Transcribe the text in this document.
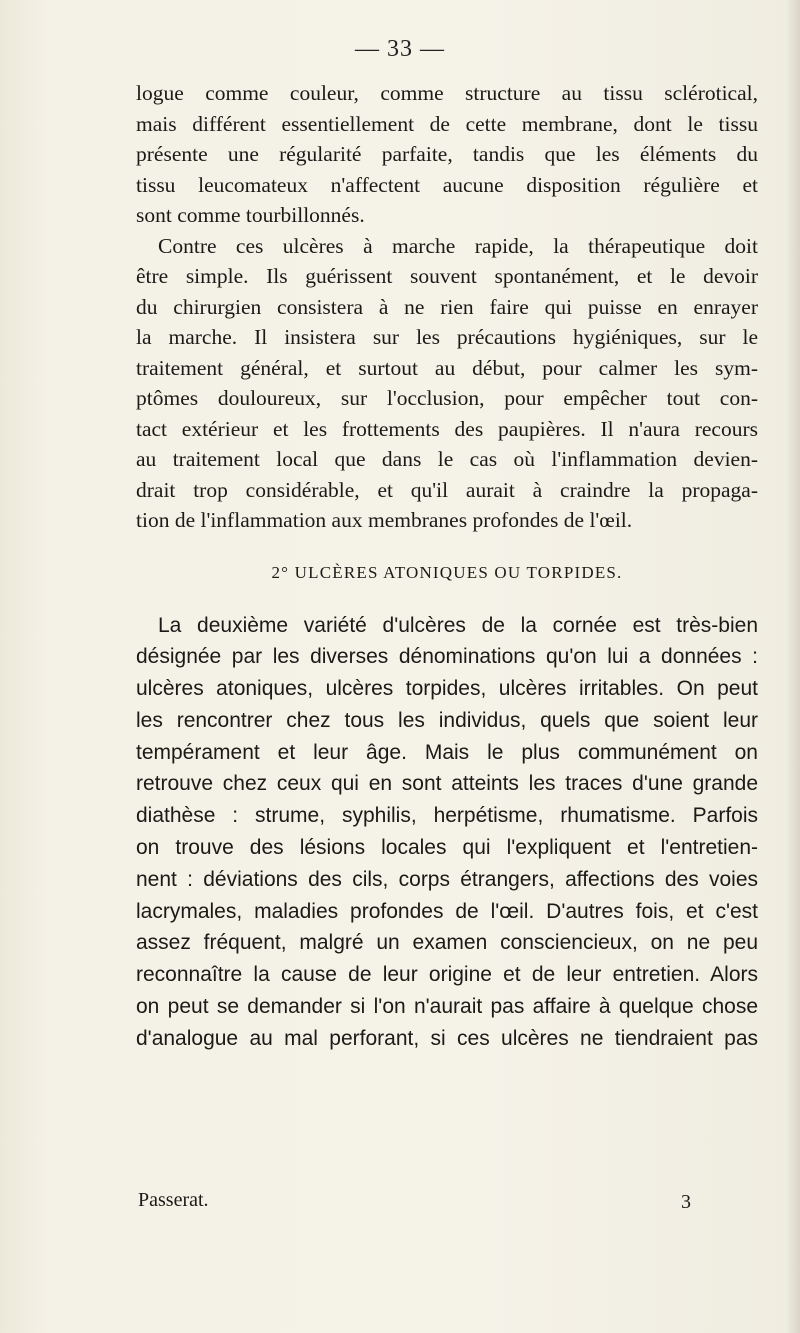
— 33 —
logue comme couleur, comme structure au tissu sclérotical,
mais différent essentiellement de cette membrane, dont le tissu
présente une régularité parfaite, tandis que les éléments du
tissu leucomateux n'affectent aucune disposition régulière et
sont comme tourbillonnés.
Contre ces ulcères à marche rapide, la thérapeutique doit
être simple. Ils guérissent souvent spontanément, et le devoir
du chirurgien consistera à ne rien faire qui puisse en enrayer
la marche. Il insistera sur les précautions hygiéniques, sur le
traitement général, et surtout au début, pour calmer les sym-
ptômes douloureux, sur l'occlusion, pour empêcher tout con-
tact extérieur et les frottements des paupières. Il n'aura recours
au traitement local que dans le cas où l'inflammation devien-
drait trop considérable, et qu'il aurait à craindre la propaga-
tion de l'inflammation aux membranes profondes de l'œil.
2° ULCÈRES ATONIQUES OU TORPIDES.
La deuxième variété d'ulcères de la cornée est très-bien
désignée par les diverses dénominations qu'on lui a données :
ulcères atoniques, ulcères torpides, ulcères irritables. On peut
les rencontrer chez tous les individus, quels que soient leur
tempérament et leur âge. Mais le plus communément on
retrouve chez ceux qui en sont atteints les traces d'une grande
diathèse : strume, syphilis, herpétisme, rhumatisme. Parfois
on trouve des lésions locales qui l'expliquent et l'entretien-
nent : déviations des cils, corps étrangers, affections des voies
lacrymales, maladies profondes de l'œil. D'autres fois, et c'est
assez fréquent, malgré un examen consciencieux, on ne peu
reconnaître la cause de leur origine et de leur entretien. Alors
on peut se demander si l'on n'aurait pas affaire à quelque chose
d'analogue au mal perforant, si ces ulcères ne tiendraient pas
Passerat.	3
